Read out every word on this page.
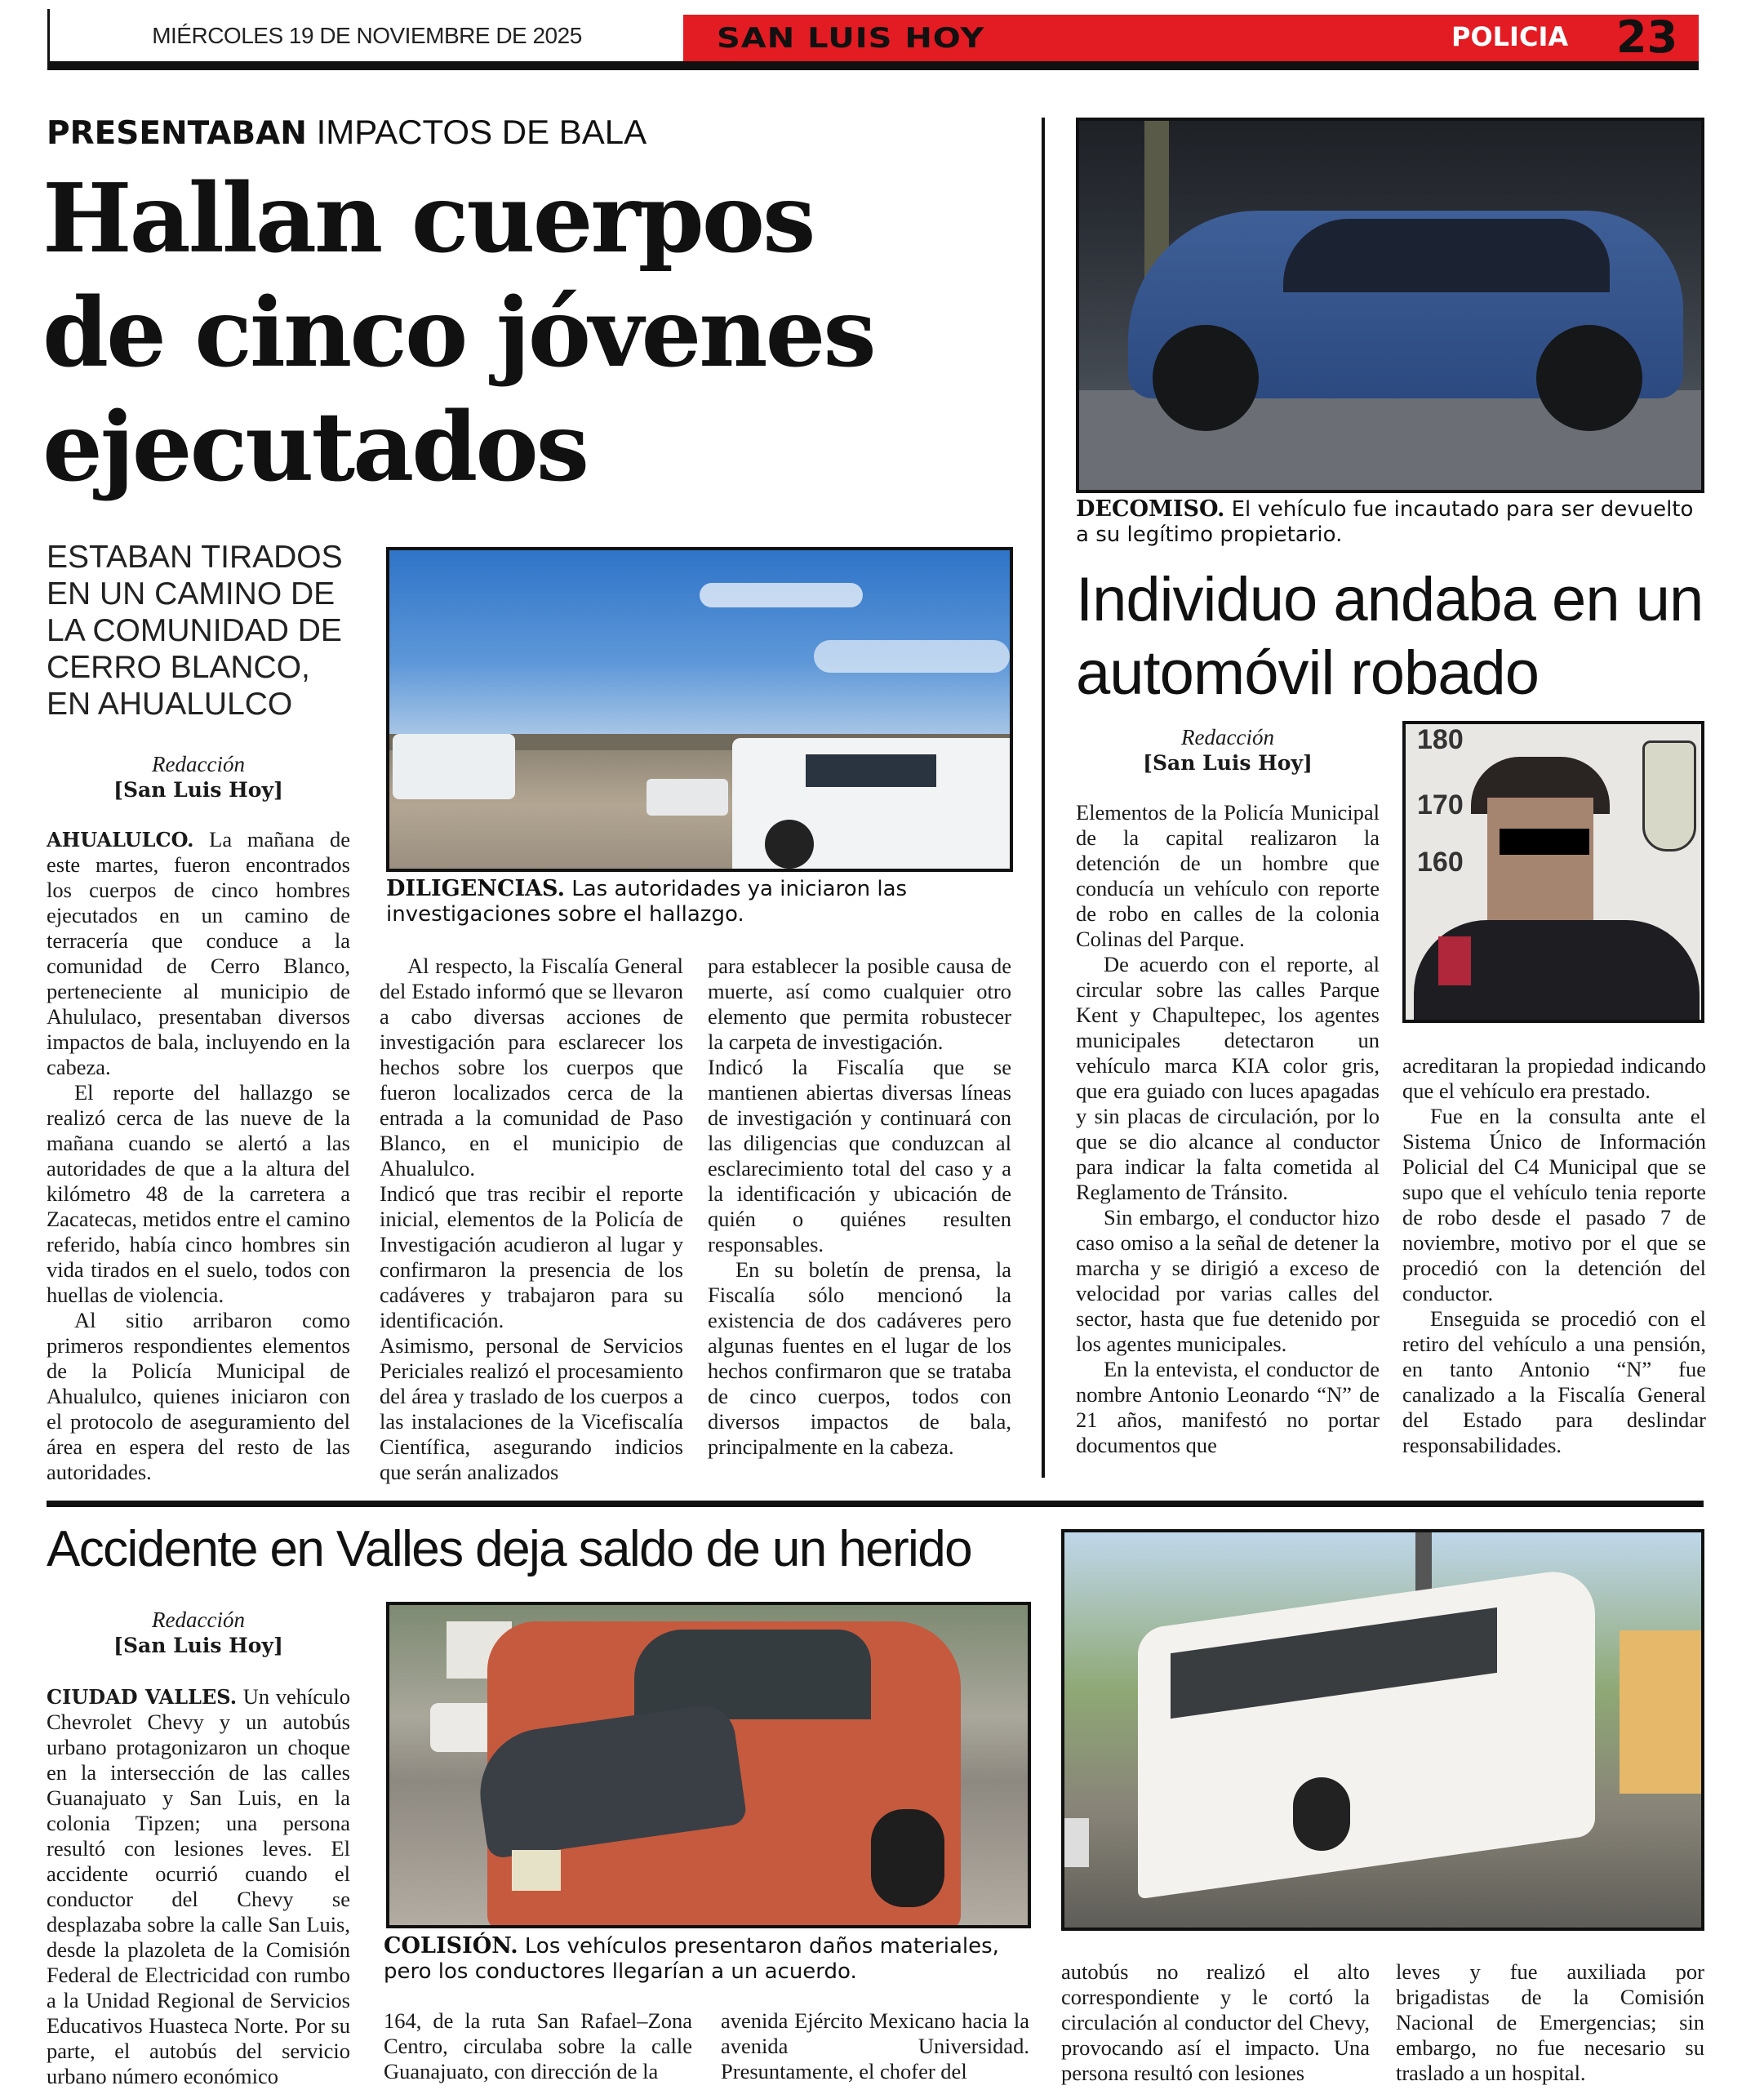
MIÉRCOLES 19 DE NOVIEMBRE DE 2025	SAN LUIS HOY	POLICIA 23
PRESENTABAN IMPACTOS DE BALA
Hallan cuerpos
de cinco jóvenes
ejecutados
ESTABAN TIRADOS EN UN CAMINO DE LA COMUNIDAD DE CERRO BLANCO, EN AHUALULCO
Redacción
[San Luis Hoy]
DILIGENCIAS. Las autoridades ya iniciaron las investigaciones sobre el hallazgo.

AHUALULCO. La mañana de este martes, fueron encontrados los cuerpos de cinco hombres ejecutados en un camino de terracería que conduce a la comunidad de Cerro Blanco, perteneciente al municipio de Ahululaco, presentaban diversos impactos de bala, incluyendo en la cabeza.

El reporte del hallazgo se realizó cerca de las nueve de la mañana cuando se alertó a las autoridades de que a la altura del kilómetro 48 de la carretera a Zacatecas, metidos entre el camino referido, había cinco hombres sin vida tirados en el suelo, todos con huellas de violencia.

Al sitio arribaron como primeros respondientes elementos de la Policía Municipal de Ahualulco, quienes iniciaron con el protocolo de aseguramiento del área en espera del resto de las autoridades.

Al respecto, la Fiscalía General del Estado informó que se llevaron a cabo diversas acciones de investigación para esclarecer los hechos sobre los cuerpos que fueron localizados cerca de la entrada a la comunidad de Paso Blanco, en el municipio de Ahualulco.

Indicó que tras recibir el reporte inicial, elementos de la Policía de Investigación acudieron al lugar y confirmaron la presencia de los cadáveres y trabajaron para su identificación.

Asimismo, personal de Servicios Periciales realizó el procesamiento del área y traslado de los cuerpos a las instalaciones de la Vicefiscalía Científica, asegurando indicios que serán analizados

para establecer la posible causa de muerte, así como cualquier otro elemento que permita robustecer la carpeta de investigación.

Indicó la Fiscalía que se mantienen abiertas diversas líneas de investigación y continuará con las diligencias que conduzcan al esclarecimiento total del caso y a la identificación y ubicación de quién o quiénes resulten responsables.

En su boletín de prensa, la Fiscalía sólo mencionó la existencia de dos cadáveres pero algunas fuentes en el lugar de los hechos confirmaron que se trataba de cinco cuerpos, todos con diversos impactos de bala, principalmente en la cabeza.

DECOMISO. El vehículo fue incautado para ser devuelto a su legítimo propietario.
Individuo andaba en un automóvil robado
Redacción
[San Luis Hoy]
180
170
160

Elementos de la Policía Municipal de la capital realizaron la detención de un hombre que conducía un vehículo con reporte de robo en calles de la colonia Colinas del Parque.

De acuerdo con el reporte, al circular sobre las calles Parque Kent y Chapultepec, los agentes municipales detectaron un vehículo marca KIA color gris, que era guiado con luces apagadas y sin placas de circulación, por lo que se dio alcance al conductor para indicar la falta cometida al Reglamento de Tránsito.

Sin embargo, el conductor hizo caso omiso a la señal de detener la marcha y se dirigió a exceso de velocidad por varias calles del sector, hasta que fue detenido por los agentes municipales.

En la entevista, el conductor de nombre Antonio Leonardo “N” de 21 años, manifestó no portar documentos que

acreditaran la propiedad indicando que el vehículo era prestado.

Fue en la consulta ante el Sistema Único de Información Policial del C4 Municipal que se supo que el vehículo tenia reporte de robo desde el pasado 7 de noviembre, motivo por el que se procedió con la detención del conductor.

Enseguida se procedió con el retiro del vehículo a una pensión, en tanto Antonio “N” fue canalizado a la Fiscalía General del Estado para deslindar responsabilidades.

Accidente en Valles deja saldo de un herido
Redacción
[San Luis Hoy]

CIUDAD VALLES. Un vehículo Chevrolet Chevy y un autobús urbano protagonizaron un choque en la intersección de las calles Guanajuato y San Luis, en la colonia Tipzen; una persona resultó con lesiones leves. El accidente ocurrió cuando el conductor del Chevy se desplazaba sobre la calle San Luis, desde la plazoleta de la Comisión Federal de Electricidad con rumbo a la Unidad Regional de Servicios Educativos Huasteca Norte. Por su parte, el autobús del servicio urbano número económico

COLISIÓN. Los vehículos presentaron daños materiales, pero los conductores llegarían a un acuerdo.

164, de la ruta San Rafael–Zona Centro, circulaba sobre la calle Guanajuato, con dirección de la

avenida Ejército Mexicano hacia la avenida Universidad. Presuntamente, el chofer del

autobús no realizó el alto correspondiente y le cortó la circulación al conductor del Chevy, provocando así el impacto. Una persona resultó con lesiones

leves y fue auxiliada por brigadistas de la Comisión Nacional de Emergencias; sin embargo, no fue necesario su traslado a un hospital.
